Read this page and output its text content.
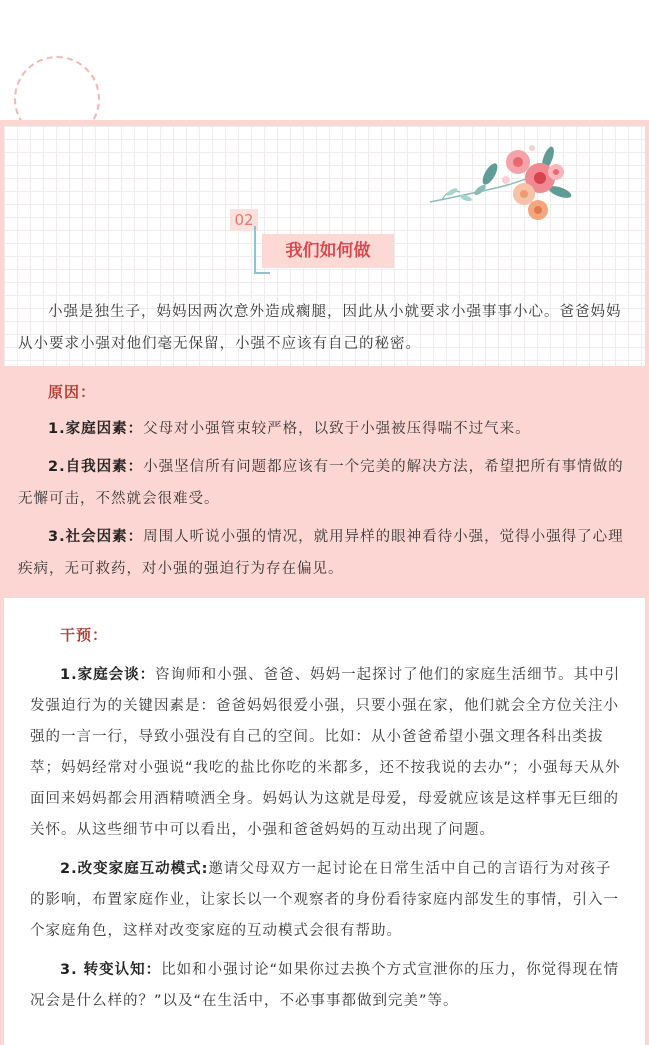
02
我们如何做

小强是独生子，妈妈因两次意外造成瘸腿，因此从小就要求小强事事小心。爸爸妈妈从小要求小强对他们毫无保留，小强不应该有自己的秘密。

原因：

1.家庭因素：父母对小强管束较严格，以致于小强被压得喘不过气来。

2.自我因素：小强坚信所有问题都应该有一个完美的解决方法，希望把所有事情做的无懈可击，不然就会很难受。

3.社会因素：周围人听说小强的情况，就用异样的眼神看待小强，觉得小强得了心理疾病，无可救药，对小强的强迫行为存在偏见。

干预：

1.家庭会谈：咨询师和小强、爸爸、妈妈一起探讨了他们的家庭生活细节。其中引发强迫行为的关键因素是：爸爸妈妈很爱小强，只要小强在家，他们就会全方位关注小强的一言一行，导致小强没有自己的空间。比如：从小爸爸希望小强文理各科出类拔萃；妈妈经常对小强说“我吃的盐比你吃的米都多，还不按我说的去办”；小强每天从外面回来妈妈都会用酒精喷洒全身。妈妈认为这就是母爱，母爱就应该是这样事无巨细的关怀。从这些细节中可以看出，小强和爸爸妈妈的互动出现了问题。

2.改变家庭互动模式:邀请父母双方一起讨论在日常生活中自己的言语行为对孩子的影响，布置家庭作业，让家长以一个观察者的身份看待家庭内部发生的事情，引入一个家庭角色，这样对改变家庭的互动模式会很有帮助。

3. 转变认知：比如和小强讨论“如果你过去换个方式宣泄你的压力，你觉得现在情况会是什么样的？”以及“在生活中，不必事事都做到完美”等。
